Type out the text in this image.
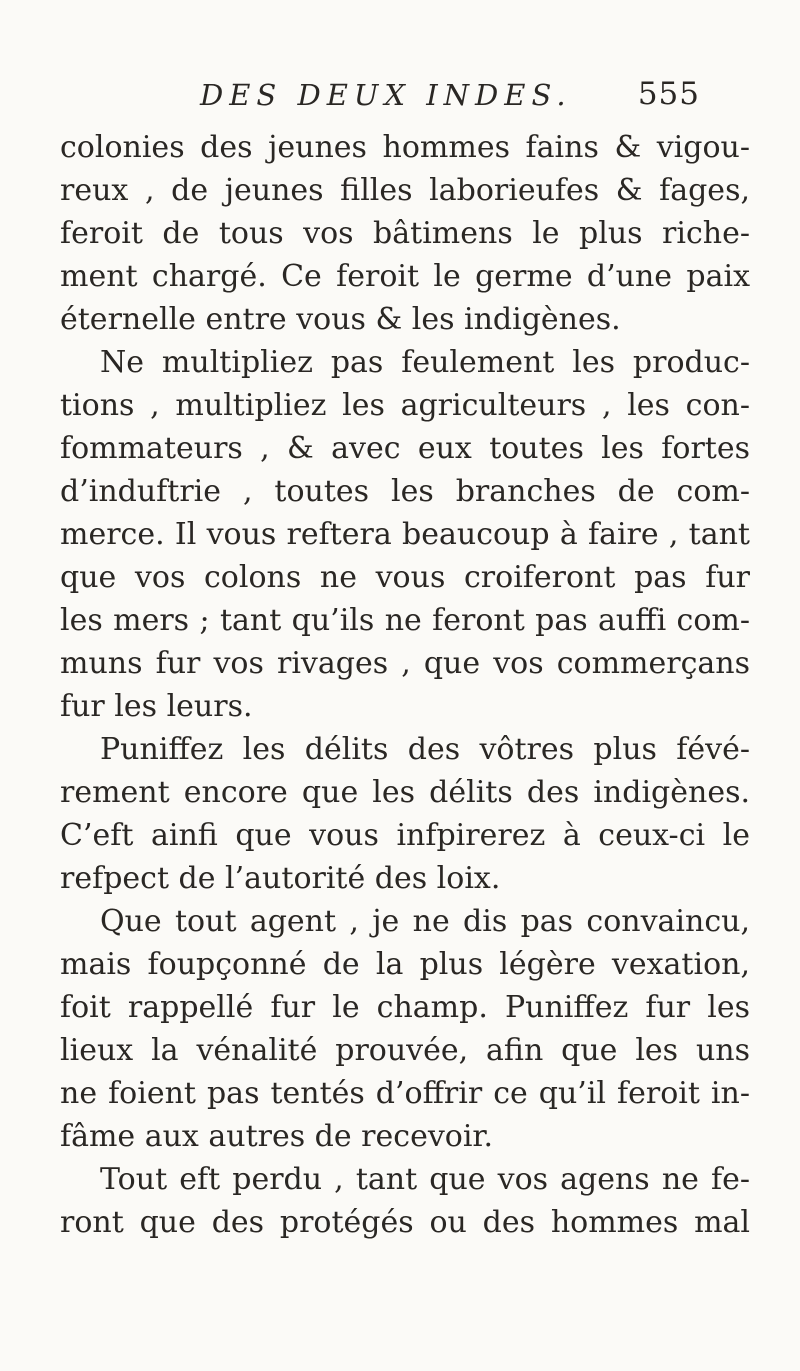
DES DEUX INDES. 555
colonies des jeunes hommes fains & vigou-
reux , de jeunes filles laborieufes & fages,
feroit de tous vos bâtimens le plus riche-
ment chargé. Ce feroit le germe d’une paix
éternelle entre vous & les indigènes.
Ne multipliez pas feulement les produc-
tions , multipliez les agriculteurs , les con-
fommateurs , & avec eux toutes les fortes
d’induftrie , toutes les branches de com-
merce. Il vous reftera beaucoup à faire , tant
que vos colons ne vous croiferont pas fur
les mers ; tant qu’ils ne feront pas auffi com-
muns fur vos rivages , que vos commerçans
fur les leurs.
Puniffez les délits des vôtres plus févé-
rement encore que les délits des indigènes.
C’eft ainfi que vous infpirerez à ceux-ci le
refpect de l’autorité des loix.
Que tout agent , je ne dis pas convaincu,
mais foupçonné de la plus légère vexation,
foit rappellé fur le champ. Puniffez fur les
lieux la vénalité prouvée, afin que les uns
ne foient pas tentés d’offrir ce qu’il feroit in-
fâme aux autres de recevoir.
Tout eft perdu , tant que vos agens ne fe-
ront que des protégés ou des hommes mal
